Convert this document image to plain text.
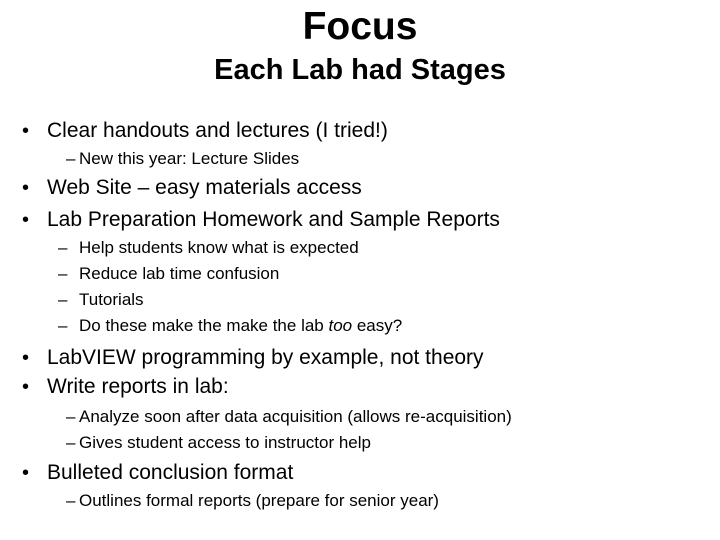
Focus
Each Lab had Stages
• Clear handouts and lectures (I tried!)
– New this year: Lecture Slides
• Web Site – easy materials access
• Lab Preparation Homework and Sample Reports
– Help students know what is expected
– Reduce lab time confusion
– Tutorials
– Do these make the make the lab too easy?
• LabVIEW programming by example, not theory
• Write reports in lab:
– Analyze soon after data acquisition (allows re-acquisition)
– Gives student access to instructor help
• Bulleted conclusion format
– Outlines formal reports (prepare for senior year)
